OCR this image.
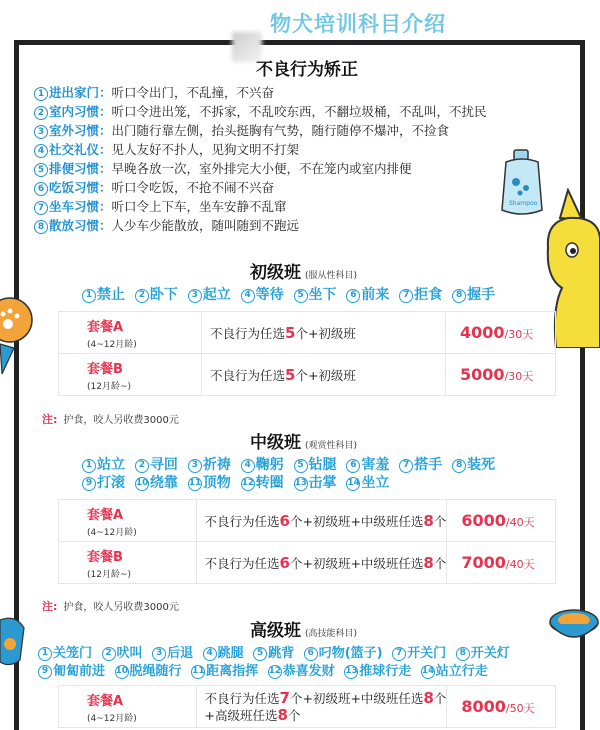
物犬培训科目介绍
Shampoo
不良行为矫正
1 进出家门：听口令出门，不乱撞，不兴奋
2 室内习惯：听口令进出笼，不拆家，不乱咬东西，不翻垃圾桶，不乱叫，不扰民
3 室外习惯：出门随行靠左侧，抬头挺胸有气势，随行随停不爆冲，不捡食
4 社交礼仪：见人友好不扑人，见狗文明不打架
5 排便习惯：早晚各放一次，室外排完大小便，不在笼内或室内排便
6 吃饭习惯：听口令吃饭，不抢不闹不兴奋
7 坐车习惯：听口令上下车，坐车安静不乱窜
8 散放习惯：人少车少能散放，随叫随到不跑远
初级班 (服从性科目)
1 禁止 2 卧下 3 起立 4 等待 5 坐下 6 前来 7 拒食 8 握手
套餐A
(4~12月龄)	不良行为任选5个+初级班	4000/30天

套餐B
(12月龄~)	不良行为任选5个+初级班	5000/30天
注: 护食，咬人另收费3000元
中级班 (观赏性科目)
1 站立 2 寻回 3 祈祷 4 鞠躬 5 钻腿 6 害羞 7 搭手 8 装死
9 打滚 10绕靠 11顶物 12转圈 13击掌 14坐立
套餐A
(4~12月龄)	不良行为任选6个+初级班+中级班任选8个	6000/40天

套餐B
(12月龄~)	不良行为任选6个+初级班+中级班任选8个	7000/40天
注: 护食，咬人另收费3000元
高级班 (高技能科目)
1 关笼门 2 吠叫 3 后退 4 跳腿 5 跳背 6 叼物(篮子) 7 开关门 8 开关灯
9 匍匐前进 10脱绳随行 11距离指挥 12恭喜发财 13推球行走 14站立行走
套餐A
(4~12月龄)
	不良行为任选7个+初级班+中级班任选8个
+高级班任选8个	8000/50天
